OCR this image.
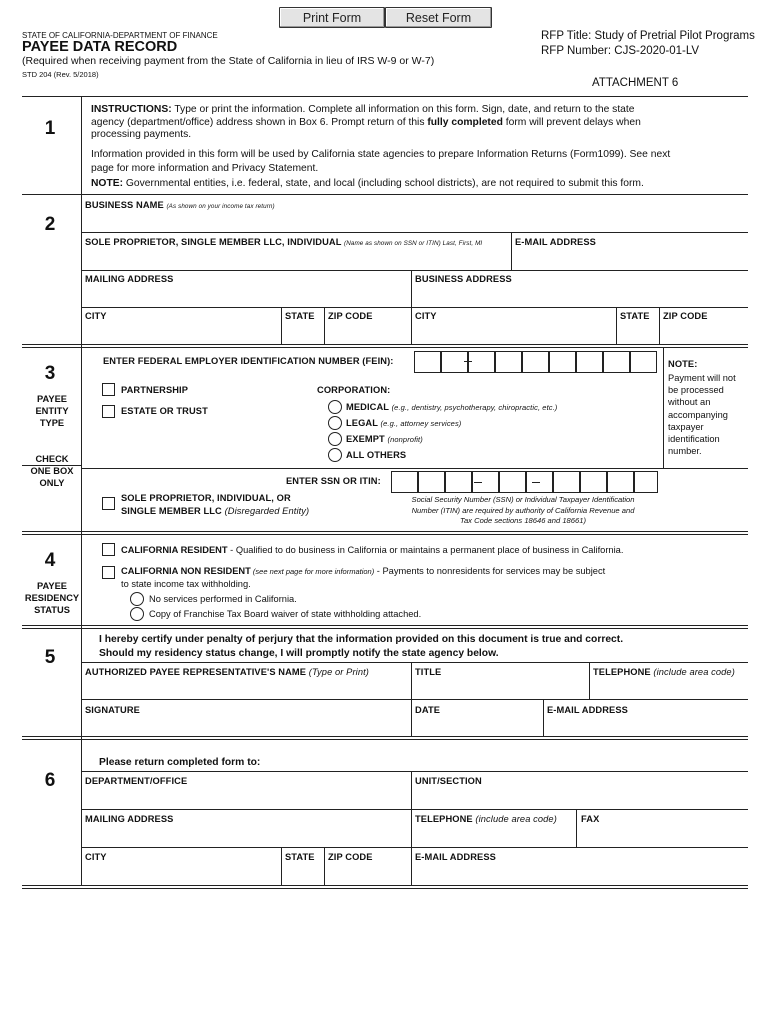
Print Form	Reset Form
STATE OF CALIFORNIA-DEPARTMENT OF FINANCE
PAYEE DATA RECORD
(Required when receiving payment from the State of California in lieu of IRS W-9 or W-7)
STD 204 (Rev. 5/2018)
RFP Title: Study of Pretrial Pilot Programs
RFP Number: CJS-2020-01-LV
ATTACHMENT 6
1
INSTRUCTIONS: Type or print the information. Complete all information on this form. Sign, date, and return to the state
agency (department/office) address shown in Box 6. Prompt return of this fully completed form will prevent delays when
processing payments.
Information provided in this form will be used by California state agencies to prepare Information Returns (Form1099). See next
page for more information and Privacy Statement.
NOTE: Governmental entities, i.e. federal, state, and local (including school districts), are not required to submit this form.
2
BUSINESS NAME (As shown on your income tax return)
SOLE PROPRIETOR, SINGLE MEMBER LLC, INDIVIDUAL (Name as shown on SSN or ITIN) Last, First, MI	E-MAIL ADDRESS
MAILING ADDRESS	BUSINESS ADDRESS
CITY	STATE ZIP CODE	CITY	STATE ZIP CODE
3
PAYEE
ENTITY
TYPE
CHECK
ONE BOX
ONLY
ENTER FEDERAL EMPLOYER IDENTIFICATION NUMBER (FEIN):	NOTE:
Payment will not
be processed
without an
accompanying
taxpayer
identification
number.
PARTNERSHIP
ESTATE OR TRUST
CORPORATION:
MEDICAL (e.g., dentistry, psychotherapy, chiropractic, etc.)
LEGAL (e.g., attorney services)
EXEMPT (nonprofit)
ALL OTHERS
ENTER SSN OR ITIN:
SOLE PROPRIETOR, INDIVIDUAL, OR
SINGLE MEMBER LLC (Disregarded Entity)
Social Security Number (SSN) or Individual Taxpayer Identification
Number (ITIN) are required by authority of California Revenue and
Tax Code sections 18646 and 18661)
4
PAYEE
RESIDENCY
STATUS
CALIFORNIA RESIDENT - Qualified to do business in California or maintains a permanent place of business in California.
CALIFORNIA NON RESIDENT (see next page for more information) - Payments to nonresidents for services may be subject
to state income tax withholding.
No services performed in California.
Copy of Franchise Tax Board waiver of state withholding attached.
5
I hereby certify under penalty of perjury that the information provided on this document is true and correct.
Should my residency status change, I will promptly notify the state agency below.
AUTHORIZED PAYEE REPRESENTATIVE'S NAME (Type or Print)	TITLE	TELEPHONE (include area code)
SIGNATURE	DATE	E-MAIL ADDRESS
6
Please return completed form to:
DEPARTMENT/OFFICE	UNIT/SECTION
MAILING ADDRESS	TELEPHONE (include area code)	FAX
CITY	STATE ZIP CODE	E-MAIL ADDRESS
